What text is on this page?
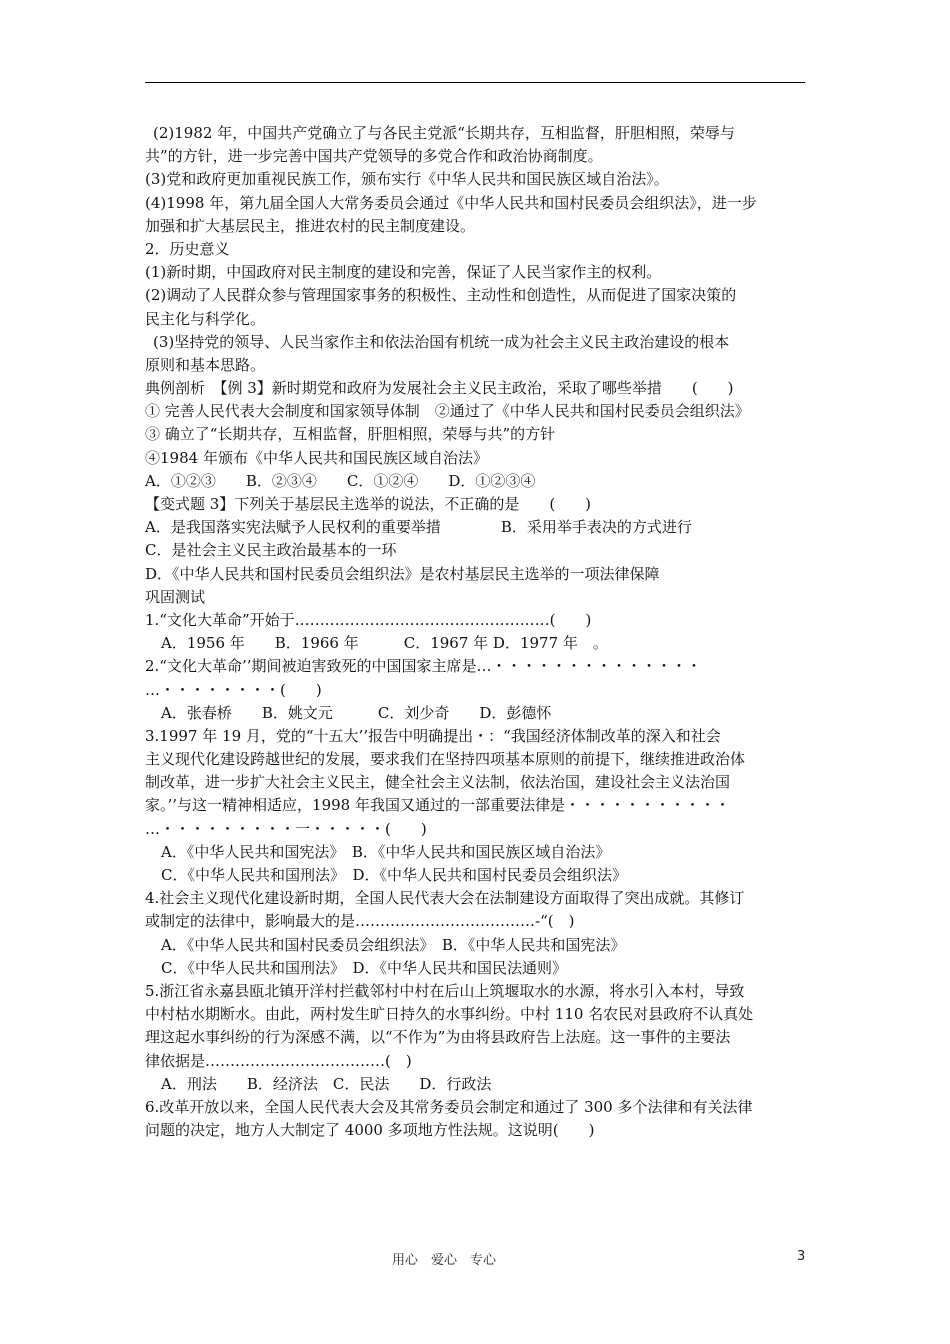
(2)1982 年，中国共产党确立了与各民主党派“长期共存，互相监督，肝胆相照，荣辱与
共”的方针，进一步完善中国共产党领导的多党合作和政治协商制度。
(3)党和政府更加重视民族工作，颁布实行《中华人民共和国民族区域自治法》。
(4)1998 年，第九届全国人大常务委员会通过《中华人民共和国村民委员会组织法》，进一步
加强和扩大基层民主，推进农村的民主制度建设。
2．历史意义
(1)新时期，中国政府对民主制度的建设和完善，保证了人民当家作主的权利。
(2)调动了人民群众参与管理国家事务的积极性、主动性和创造性，从而促进了国家决策的
民主化与科学化。
(3)坚持党的领导、人民当家作主和依法治国有机统一成为社会主义民主政治建设的根本
原则和基本思路。
典例剖析　【例 3】新时期党和政府为发展社会主义民主政治，采取了哪些举措　　(　　)
① 完善人民代表大会制度和国家领导体制　②通过了《中华人民共和国村民委员会组织法》
③ 确立了“长期共存，互相监督，肝胆相照，荣辱与共”的方针
④1984 年颁布《中华人民共和国民族区域自治法》
A．①②③　　B．②③④　　C．①②④　　D．①②③④
【变式题 3】下列关于基层民主选举的说法，不正确的是　　(　　)
A．是我国落实宪法赋予人民权利的重要举措　　　　B．采用举手表决的方式进行
C．是社会主义民主政治最基本的一环
D．《中华人民共和国村民委员会组织法》是农村基层民主选举的一项法律保障
巩固测试
1.“文化大革命”开始于……………………………………………(　　)
A．1956 年　　B．1966 年　　　C．1967 年 D．1977 年　。
2.“文化大革命’’期间被迫害致死的中国国家主席是…・・・・・・・・・・・・・・
…・・・・・・・・(　　)
A．张春桥　　B．姚文元　　　C．刘少奇　　D．彭德怀
3.1997 年 19 月，党的“十五大’’报告中明确提出・：“我国经济体制改革的深入和社会
主义现代化建设跨越世纪的发展，要求我们在坚持四项基本原则的前提下，继续推进政治体
制改革，进一步扩大社会主义民主，健全社会主义法制，依法治国，建设社会主义法治国
家。’’与这一精神相适应，1998 年我国又通过的一部重要法律是・・・・・・・・・・・
…・・・・・・・・・一・・・・・(　　)
A．《中华人民共和国宪法》　B．《中华人民共和国民族区域自治法》
C．《中华人民共和国刑法》　D．《中华人民共和国村民委员会组织法》
4.社会主义现代化建设新时期，全国人民代表大会在法制建设方面取得了突出成就。其修订
或制定的法律中，影响最大的是………………………………-“(　)
A．《中华人民共和国村民委员会组织法》　B．《中华人民共和国宪法》
C．《中华人民共和国刑法》　D．《中华人民共和国民法通则》
5.浙江省永嘉县瓯北镇开洋村拦截邻村中村在后山上筑堰取水的水源，将水引入本村，导致
中村枯水期断水。由此，两村发生旷日持久的水事纠纷。中村 110 名农民对县政府不认真处
理这起水事纠纷的行为深感不满，以“不作为”为由将县政府告上法庭。这一事件的主要法
律依据是………………………………(　)
A．刑法　　B．经济法　C．民法　　D．行政法
6.改革开放以来，全国人民代表大会及其常务委员会制定和通过了 300 多个法律和有关法律
问题的决定，地方人大制定了 4000 多项地方性法规。这说明(　　)
用心　爱心　专心	3
